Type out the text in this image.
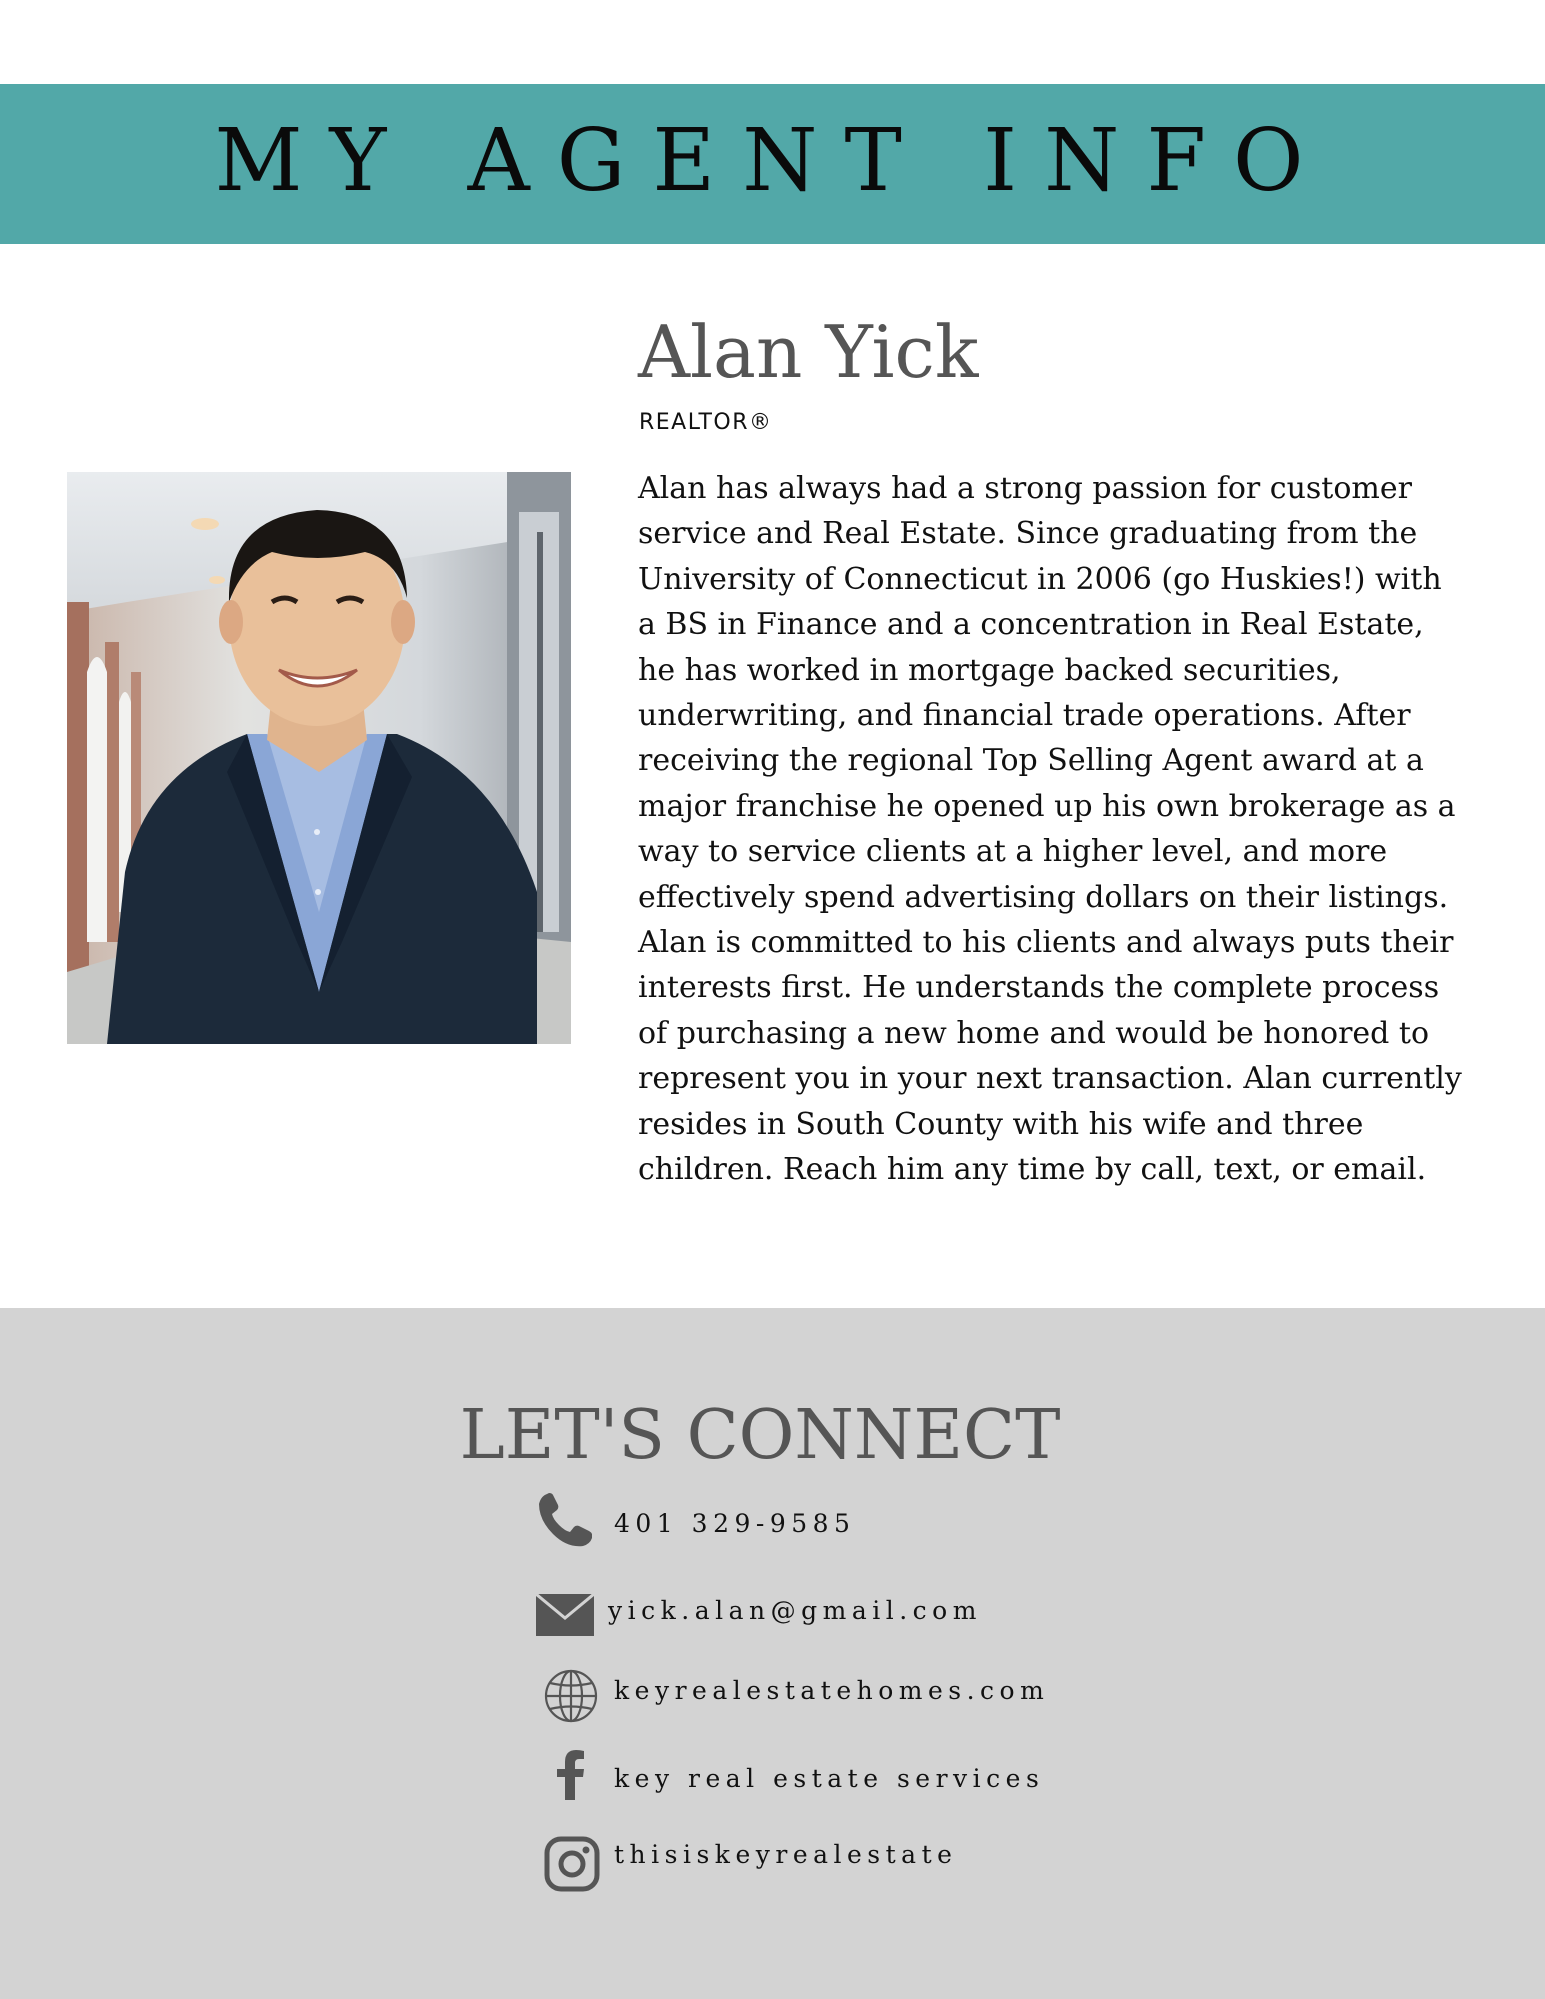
MY AGENT INFO
Alan Yick
REALTOR®

Alan has always had a strong passion for customer service and Real Estate. Since graduating from the University of Connecticut in 2006 (go Huskies!) with a BS in Finance and a concentration in Real Estate, he has worked in mortgage backed securities, underwriting, and financial trade operations. After receiving the regional Top Selling Agent award at a major franchise he opened up his own brokerage as a way to service clients at a higher level, and more effectively spend advertising dollars on their listings. Alan is committed to his clients and always puts their interests first. He understands the complete process of purchasing a new home and would be honored to represent you in your next transaction. Alan currently resides in South County with his wife and three children. Reach him any time by call, text, or email.

LET'S CONNECT
401 329-9585
yick.alan@gmail.com
keyrealestatehomes.com
key real estate services
thisiskeyrealestate
